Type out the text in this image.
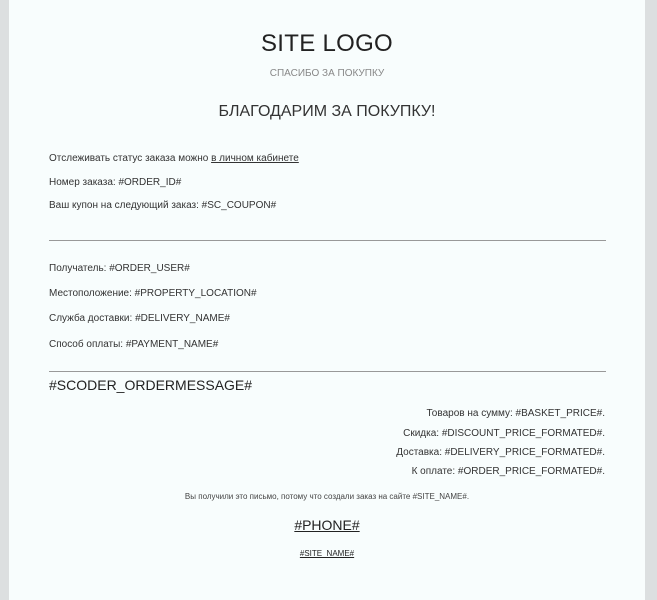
SITE LOGO
СПАСИБО ЗА ПОКУПКУ
БЛАГОДАРИМ ЗА ПОКУПКУ!
Отслеживать статус заказа можно в личном кабинете
Номер заказа: #ORDER_ID#
Ваш купон на следующий заказ: #SC_COUPON#
Получатель: #ORDER_USER#
Местоположение: #PROPERTY_LOCATION#
Служба доставки: #DELIVERY_NAME#
Способ оплаты: #PAYMENT_NAME#
#SCODER_ORDERMESSAGE#
Товаров на сумму: #BASKET_PRICE#.
Скидка: #DISCOUNT_PRICE_FORMATED#.
Доставка: #DELIVERY_PRICE_FORMATED#.
К оплате: #ORDER_PRICE_FORMATED#.
Вы получили это письмо, потому что создали заказ на сайте #SITE_NAME#.
#PHONE#
#SITE_NAME#
